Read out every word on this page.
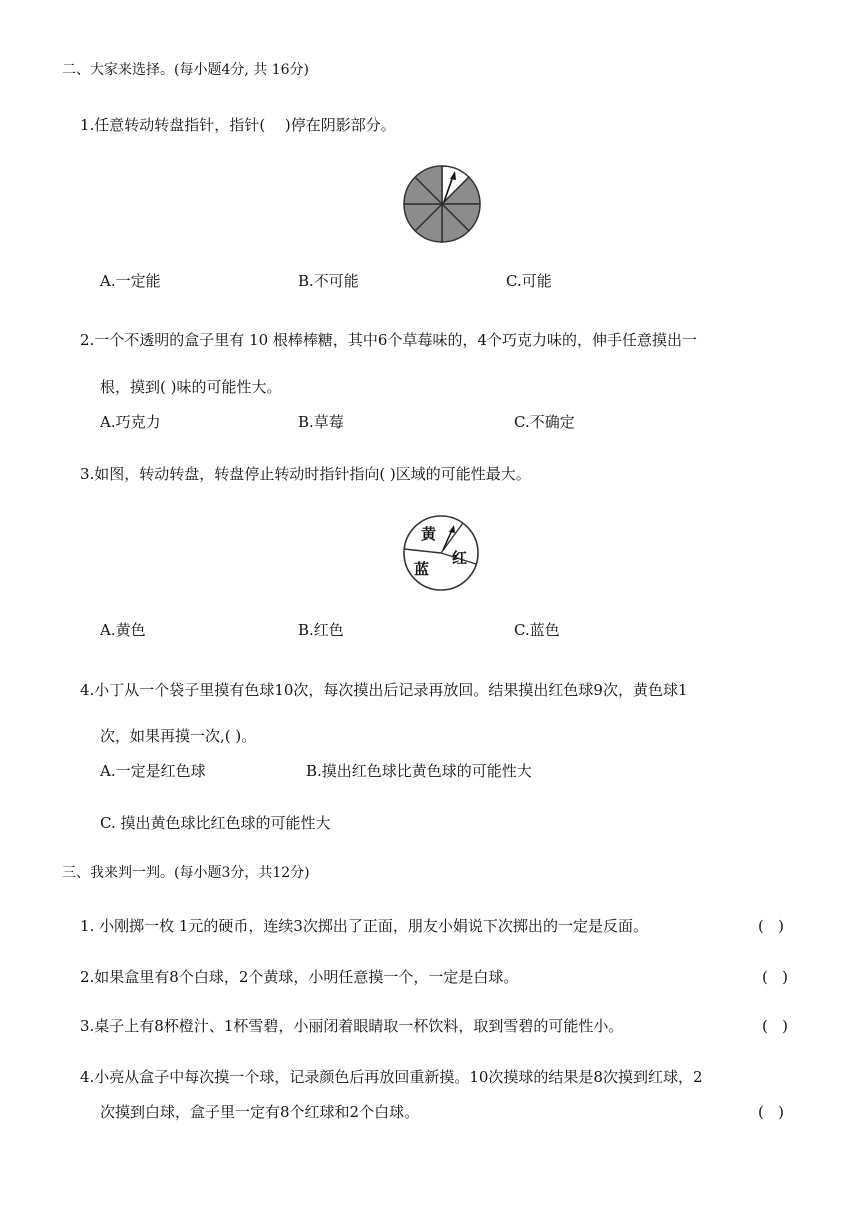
二、大家来选择。(每小题4分, 共 16分)
1.任意转动转盘指针，指针(　 )停在阴影部分。
A.一定能	B.不可能	C.可能
2.一个不透明的盒子里有 10 根棒棒糖，其中6个草莓味的，4个巧克力味的，伸手任意摸出一
根，摸到( )味的可能性大。
A.巧克力	B.草莓	C.不确定
3.如图，转动转盘，转盘停止转动时指针指向( )区域的可能性最大。
黄
红
蓝
A.黄色	B.红色	C.蓝色
4.小丁从一个袋子里摸有色球10次，每次摸出后记录再放回。结果摸出红色球9次，黄色球1
次，如果再摸一次,( )。
A.一定是红色球	B.摸出红色球比黄色球的可能性大
C. 摸出黄色球比红色球的可能性大
三、我来判一判。(每小题3分，共12分)
1. 小刚掷一枚 1元的硬币，连续3次掷出了正面，朋友小娟说下次掷出的一定是反面。	(   )
2.如果盒里有8个白球，2个黄球，小明任意摸一个，一定是白球。	(   )
3.桌子上有8杯橙汁、1杯雪碧，小丽闭着眼睛取一杯饮料，取到雪碧的可能性小。	(   )
4.小亮从盒子中每次摸一个球，记录颜色后再放回重新摸。10次摸球的结果是8次摸到红球，2
次摸到白球，盒子里一定有8个红球和2个白球。	(   )
